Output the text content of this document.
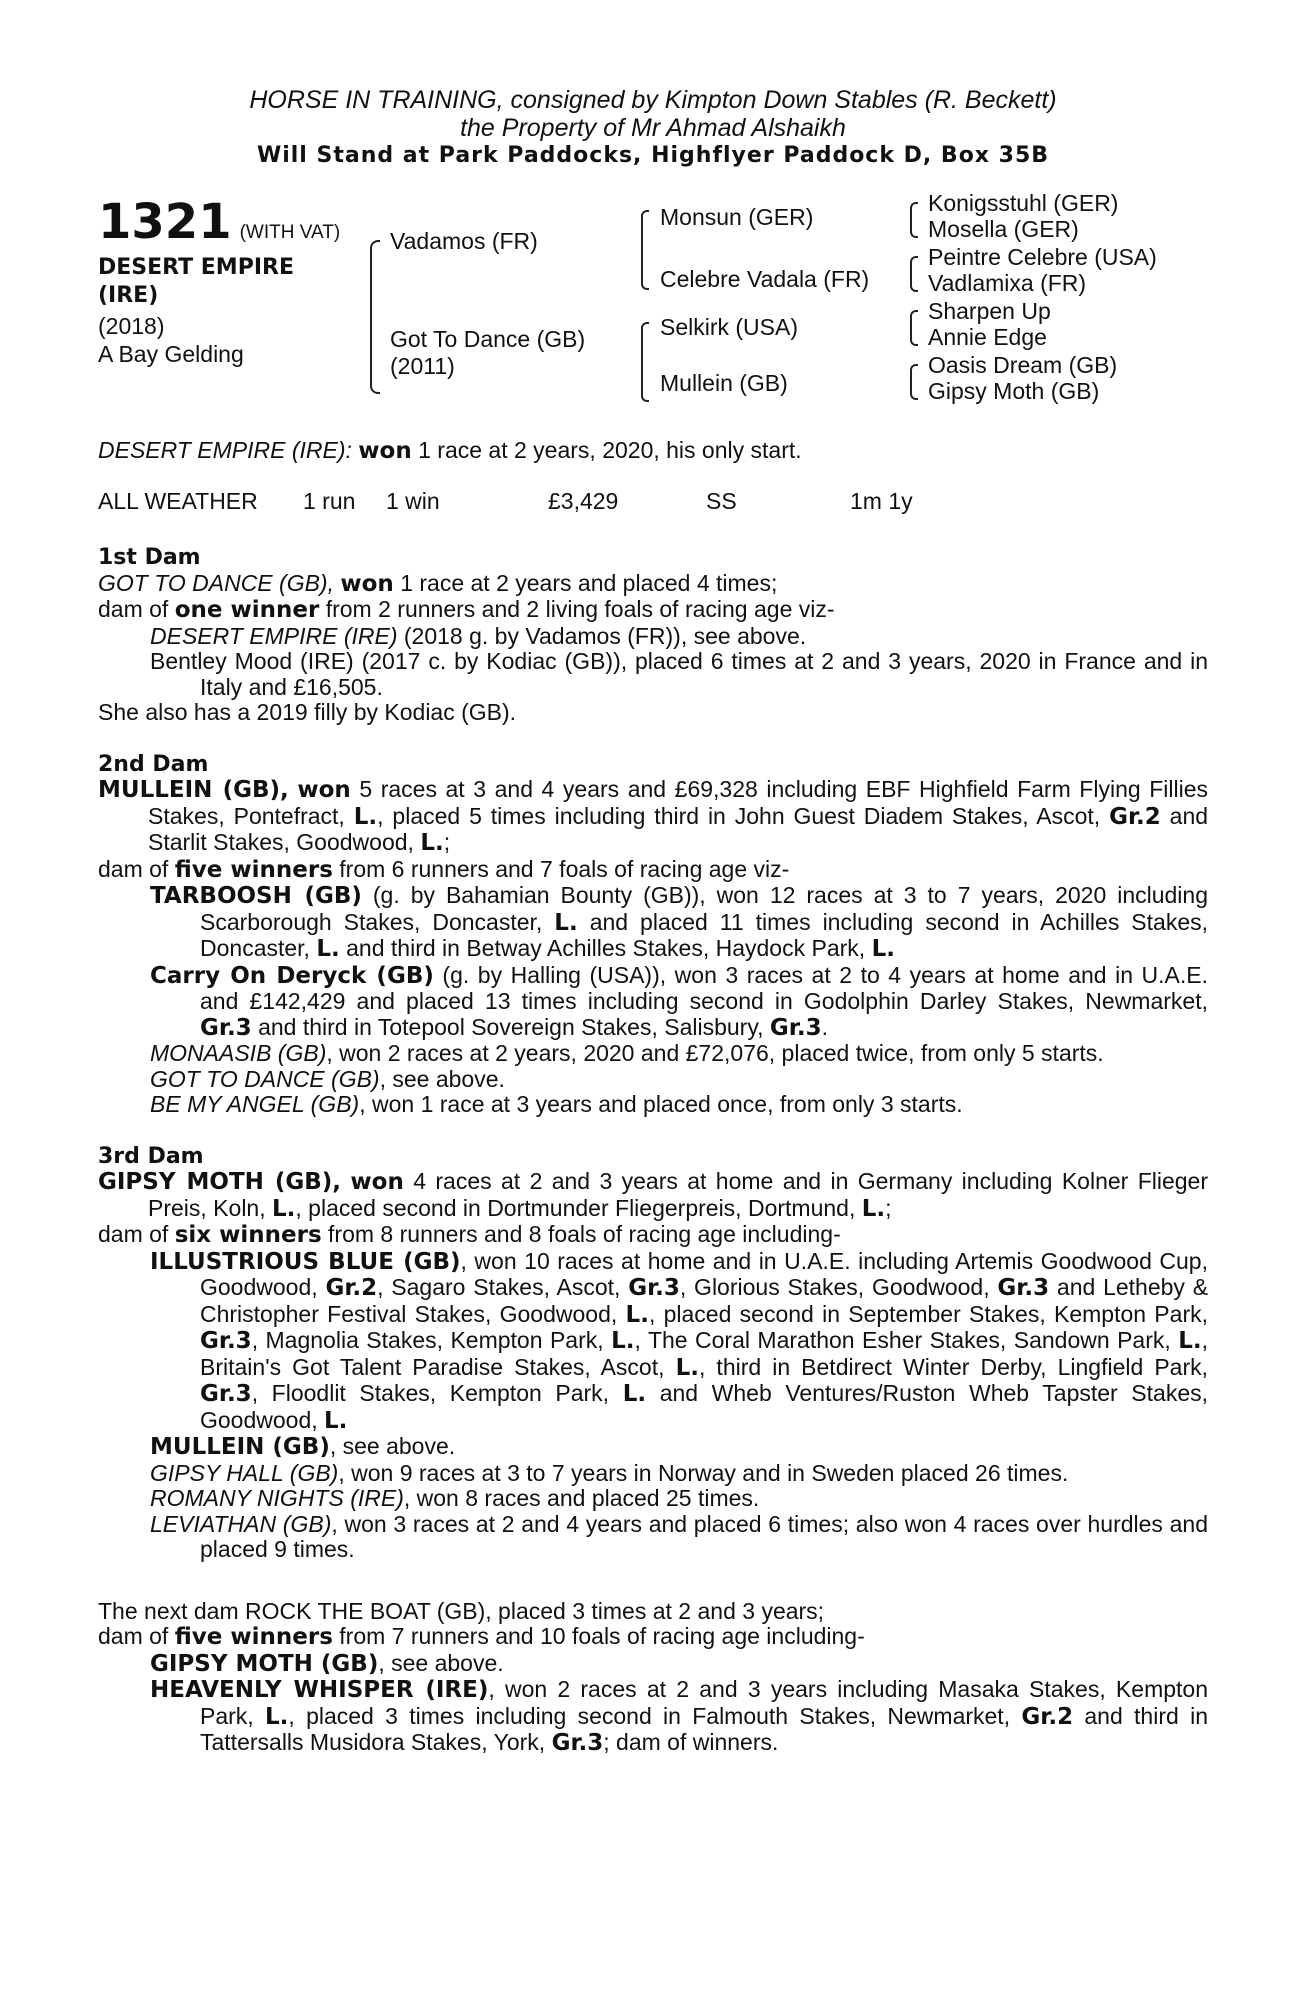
HORSE IN TRAINING, consigned by Kimpton Down Stables (R. Beckett)
the Property of Mr Ahmad Alshaikh
Will Stand at Park Paddocks, Highflyer Paddock D, Box 35B
1321 (WITH VAT)
DESERT EMPIRE
(IRE)
(2018)
A Bay Gelding
Vadamos (FR)
Got To Dance (GB)
(2011)
Monsun (GER)
Celebre Vadala (FR)
Selkirk (USA)
Mullein (GB)
Konigsstuhl (GER)
Mosella (GER)
Peintre Celebre (USA)
Vadlamixa (FR)
Sharpen Up
Annie Edge
Oasis Dream (GB)
Gipsy Moth (GB)
DESERT EMPIRE (IRE): won 1 race at 2 years, 2020, his only start.
ALL WEATHER 1 run 1 win	£3,429	SS	1m 1y
1st Dam

GOT TO DANCE (GB), won 1 race at 2 years and placed 4 times;

dam of one winner from 2 runners and 2 living foals of racing age viz-

DESERT EMPIRE (IRE) (2018 g. by Vadamos (FR)), see above.

Bentley Mood (IRE) (2017 c. by Kodiac (GB)), placed 6 times at 2 and 3 years, 2020 in France and in Italy and £16,505.

She also has a 2019 filly by Kodiac (GB).

2nd Dam

MULLEIN (GB), won 5 races at 3 and 4 years and £69,328 including EBF Highfield Farm Flying Fillies Stakes, Pontefract, L., placed 5 times including third in John Guest Diadem Stakes, Ascot, Gr.2 and Starlit Stakes, Goodwood, L.;

dam of five winners from 6 runners and 7 foals of racing age viz-

TARBOOSH (GB) (g. by Bahamian Bounty (GB)), won 12 races at 3 to 7 years, 2020 including Scarborough Stakes, Doncaster, L. and placed 11 times including second in Achilles Stakes, Doncaster, L. and third in Betway Achilles Stakes, Haydock Park, L.

Carry On Deryck (GB) (g. by Halling (USA)), won 3 races at 2 to 4 years at home and in U.A.E. and £142,429 and placed 13 times including second in Godolphin Darley Stakes, Newmarket, Gr.3 and third in Totepool Sovereign Stakes, Salisbury, Gr.3.

MONAASIB (GB), won 2 races at 2 years, 2020 and £72,076, placed twice, from only 5 starts.

GOT TO DANCE (GB), see above.

BE MY ANGEL (GB), won 1 race at 3 years and placed once, from only 3 starts.

3rd Dam

GIPSY MOTH (GB), won 4 races at 2 and 3 years at home and in Germany including Kolner Flieger Preis, Koln, L., placed second in Dortmunder Fliegerpreis, Dortmund, L.;

dam of six winners from 8 runners and 8 foals of racing age including-

ILLUSTRIOUS BLUE (GB), won 10 races at home and in U.A.E. including Artemis Goodwood Cup, Goodwood, Gr.2, Sagaro Stakes, Ascot, Gr.3, Glorious Stakes, Goodwood, Gr.3 and Letheby & Christopher Festival Stakes, Goodwood, L., placed second in September Stakes, Kempton Park, Gr.3, Magnolia Stakes, Kempton Park, L., The Coral Marathon Esher Stakes, Sandown Park, L., Britain's Got Talent Paradise Stakes, Ascot, L., third in Betdirect Winter Derby, Lingfield Park, Gr.3, Floodlit Stakes, Kempton Park, L. and Wheb Ventures/Ruston Wheb Tapster Stakes, Goodwood, L.

MULLEIN (GB), see above.

GIPSY HALL (GB), won 9 races at 3 to 7 years in Norway and in Sweden placed 26 times.

ROMANY NIGHTS (IRE), won 8 races and placed 25 times.

LEVIATHAN (GB), won 3 races at 2 and 4 years and placed 6 times; also won 4 races over hurdles and placed 9 times.

The next dam ROCK THE BOAT (GB), placed 3 times at 2 and 3 years;

dam of five winners from 7 runners and 10 foals of racing age including-

GIPSY MOTH (GB), see above.

HEAVENLY WHISPER (IRE), won 2 races at 2 and 3 years including Masaka Stakes, Kempton Park, L., placed 3 times including second in Falmouth Stakes, Newmarket, Gr.2 and third in Tattersalls Musidora Stakes, York, Gr.3; dam of winners.
